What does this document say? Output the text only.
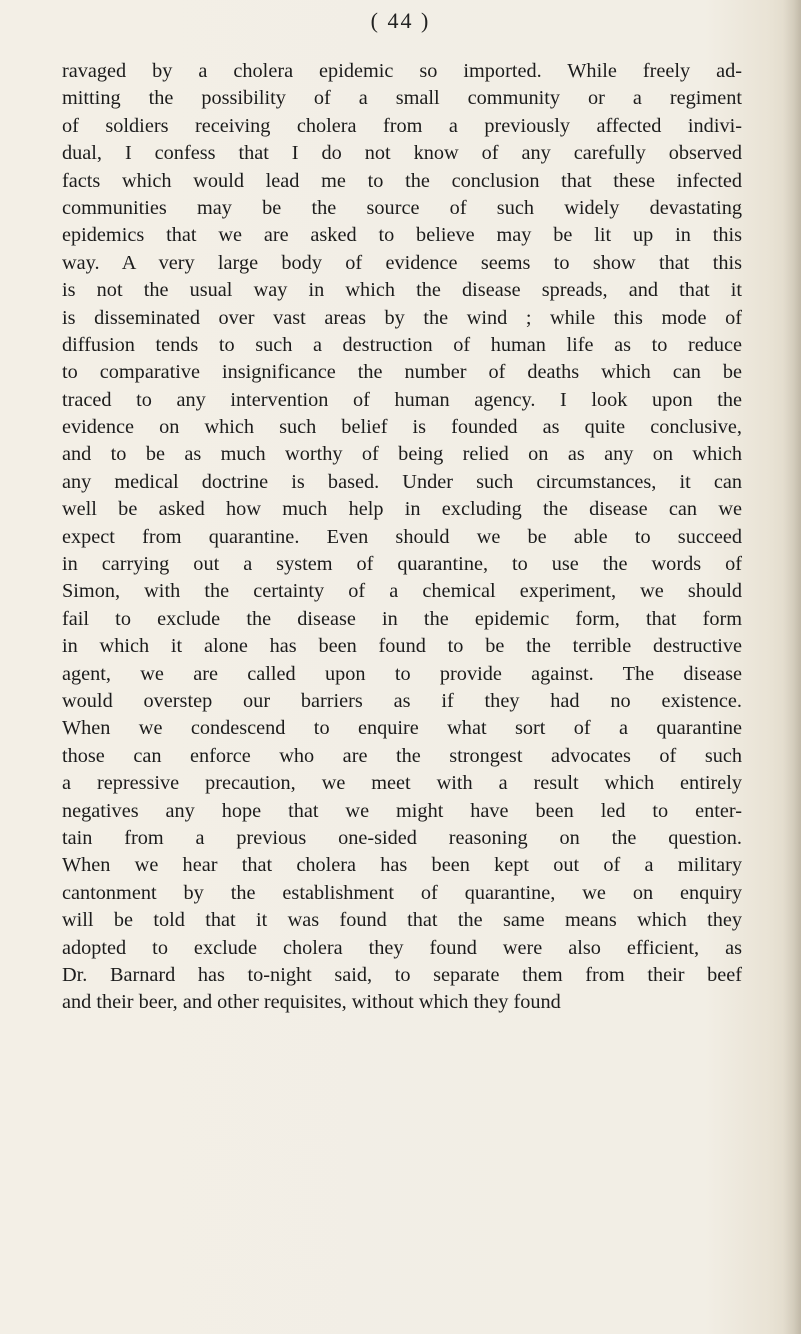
( 44 )
ravaged by a cholera epidemic so imported. While freely ad-
mitting the possibility of a small community or a regiment
of soldiers receiving cholera from a previously affected indivi-
dual, I confess that I do not know of any carefully observed
facts which would lead me to the conclusion that these infected
communities may be the source of such widely devastating
epidemics that we are asked to believe may be lit up in this
way. A very large body of evidence seems to show that this
is not the usual way in which the disease spreads, and that it
is disseminated over vast areas by the wind ; while this mode of
diffusion tends to such a destruction of human life as to reduce
to comparative insignificance the number of deaths which can be
traced to any intervention of human agency. I look upon the
evidence on which such belief is founded as quite conclusive,
and to be as much worthy of being relied on as any on which
any medical doctrine is based. Under such circumstances, it can
well be asked how much help in excluding the disease can we
expect from quarantine. Even should we be able to succeed
in carrying out a system of quarantine, to use the words of
Simon, with the certainty of a chemical experiment, we should
fail to exclude the disease in the epidemic form, that form
in which it alone has been found to be the terrible destructive
agent, we are called upon to provide against. The disease
would overstep our barriers as if they had no existence.
When we condescend to enquire what sort of a quarantine
those can enforce who are the strongest advocates of such
a repressive precaution, we meet with a result which entirely
negatives any hope that we might have been led to enter-
tain from a previous one-sided reasoning on the question.
When we hear that cholera has been kept out of a military
cantonment by the establishment of quarantine, we on enquiry
will be told that it was found that the same means which they
adopted to exclude cholera they found were also efficient, as
Dr. Barnard has to-night said, to separate them from their beef
and their beer, and other requisites, without which they found
